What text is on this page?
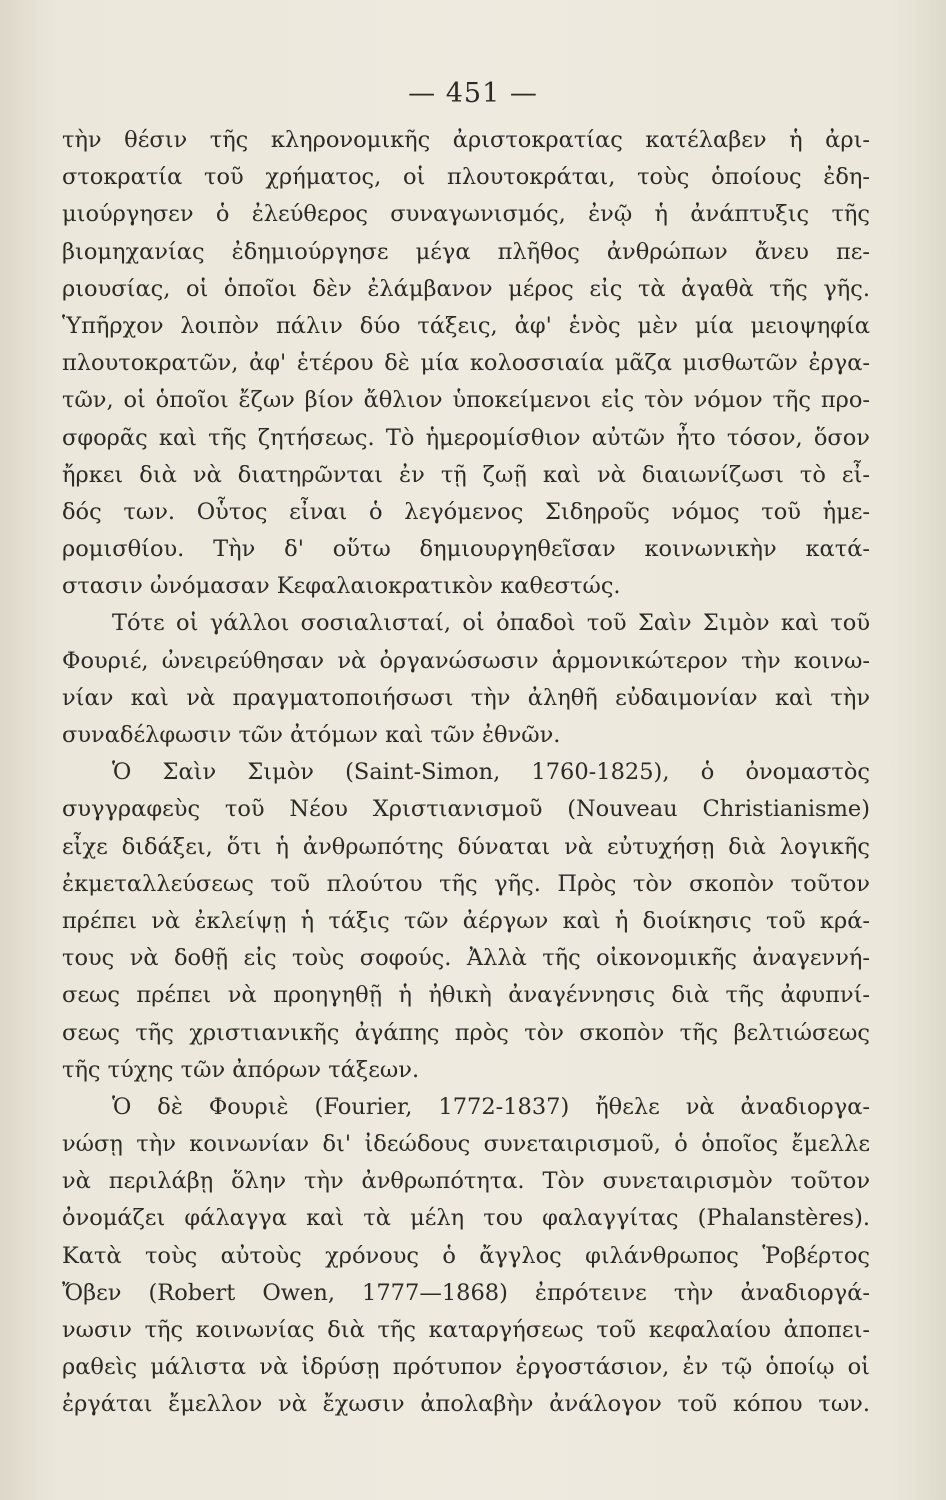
— 451 —
τὴν θέσιν τῆς κληρονομικῆς ἀριστοκρατίας κατέλαβεν ἡ ἀρι-
στοκρατία τοῦ χρήματος, οἱ πλουτοκράται, τοὺς ὁποίους ἐδη-
μιούργησεν ὁ ἐλεύθερος συναγωνισμός, ἐνῷ ἡ ἀνάπτυξις τῆς
βιομηχανίας ἐδημιούργησε μέγα πλῆθος ἀνθρώπων ἄνευ πε-
ριουσίας, οἱ ὁποῖοι δὲν ἐλάμβανον μέρος εἰς τὰ ἀγαθὰ τῆς γῆς.
Ὑπῆρχον λοιπὸν πάλιν δύο τάξεις, ἀφ' ἑνὸς μὲν μία μειοψηφία
πλουτοκρατῶν, ἀφ' ἑτέρου δὲ μία κολοσσιαία μᾶζα μισθωτῶν ἐργα-
τῶν, οἱ ὁποῖοι ἔζων βίον ἄθλιον ὑποκείμενοι εἰς τὸν νόμον τῆς προ-
σφορᾶς καὶ τῆς ζητήσεως. Τὸ ἡμερομίσθιον αὐτῶν ἦτο τόσον, ὅσον
ἤρκει διὰ νὰ διατηρῶνται ἐν τῇ ζωῇ καὶ νὰ διαιωνίζωσι τὸ εἶ-
δός των. Οὗτος εἶναι ὁ λεγόμενος Σιδηροῦς νόμος τοῦ ἡμε-
ρομισθίου. Τὴν δ' οὕτω δημιουργηθεῖσαν κοινωνικὴν κατά-
στασιν ὠνόμασαν Κεφαλαιοκρατικὸν καθεστώς.
Τότε οἱ γάλλοι σοσιαλισταί, οἱ ὀπαδοὶ τοῦ Σαὶν Σιμὸν καὶ τοῦ
Φουριέ, ὠνειρεύθησαν νὰ ὀργανώσωσιν ἁρμονικώτερον τὴν κοινω-
νίαν καὶ νὰ πραγματοποιήσωσι τὴν ἀληθῆ εὐδαιμονίαν καὶ τὴν
συναδέλφωσιν τῶν ἀτόμων καὶ τῶν ἐθνῶν.
Ὁ Σαὶν Σιμὸν (Saint-Simon, 1760-1825), ὁ ὀνομαστὸς
συγγραφεὺς τοῦ Νέου Χριστιανισμοῦ (Nouveau Christianisme)
εἶχε διδάξει, ὅτι ἡ ἀνθρωπότης δύναται νὰ εὐτυχήσῃ διὰ λογικῆς
ἐκμεταλλεύσεως τοῦ πλούτου τῆς γῆς. Πρὸς τὸν σκοπὸν τοῦτον
πρέπει νὰ ἐκλείψῃ ἡ τάξις τῶν ἀέργων καὶ ἡ διοίκησις τοῦ κρά-
τους νὰ δοθῇ εἰς τοὺς σοφούς. Ἀλλὰ τῆς οἰκονομικῆς ἀναγεννή-
σεως πρέπει νὰ προηγηθῇ ἡ ἠθικὴ ἀναγέννησις διὰ τῆς ἀφυπνί-
σεως τῆς χριστιανικῆς ἀγάπης πρὸς τὸν σκοπὸν τῆς βελτιώσεως
τῆς τύχης τῶν ἀπόρων τάξεων.
Ὁ δὲ Φουριὲ (Fourier, 1772-1837) ἤθελε νὰ ἀναδιοργα-
νώσῃ τὴν κοινωνίαν δι' ἰδεώδους συνεταιρισμοῦ, ὁ ὁποῖος ἔμελλε
νὰ περιλάβῃ ὅλην τὴν ἀνθρωπότητα. Τὸν συνεταιρισμὸν τοῦτον
ὀνομάζει φάλαγγα καὶ τὰ μέλη του φαλαγγίτας (Phalanstères).
Κατὰ τοὺς αὐτοὺς χρόνους ὁ ἄγγλος φιλάνθρωπος Ῥοβέρτος
Ὄβεν (Robert Owen, 1777—1868) ἐπρότεινε τὴν ἀναδιοργά-
νωσιν τῆς κοινωνίας διὰ τῆς καταργήσεως τοῦ κεφαλαίου ἀποπει-
ραθεὶς μάλιστα νὰ ἱδρύσῃ πρότυπον ἐργοστάσιον, ἐν τῷ ὁποίῳ οἱ
ἐργάται ἔμελλον νὰ ἔχωσιν ἀπολαβὴν ἀνάλογον τοῦ κόπου των.
